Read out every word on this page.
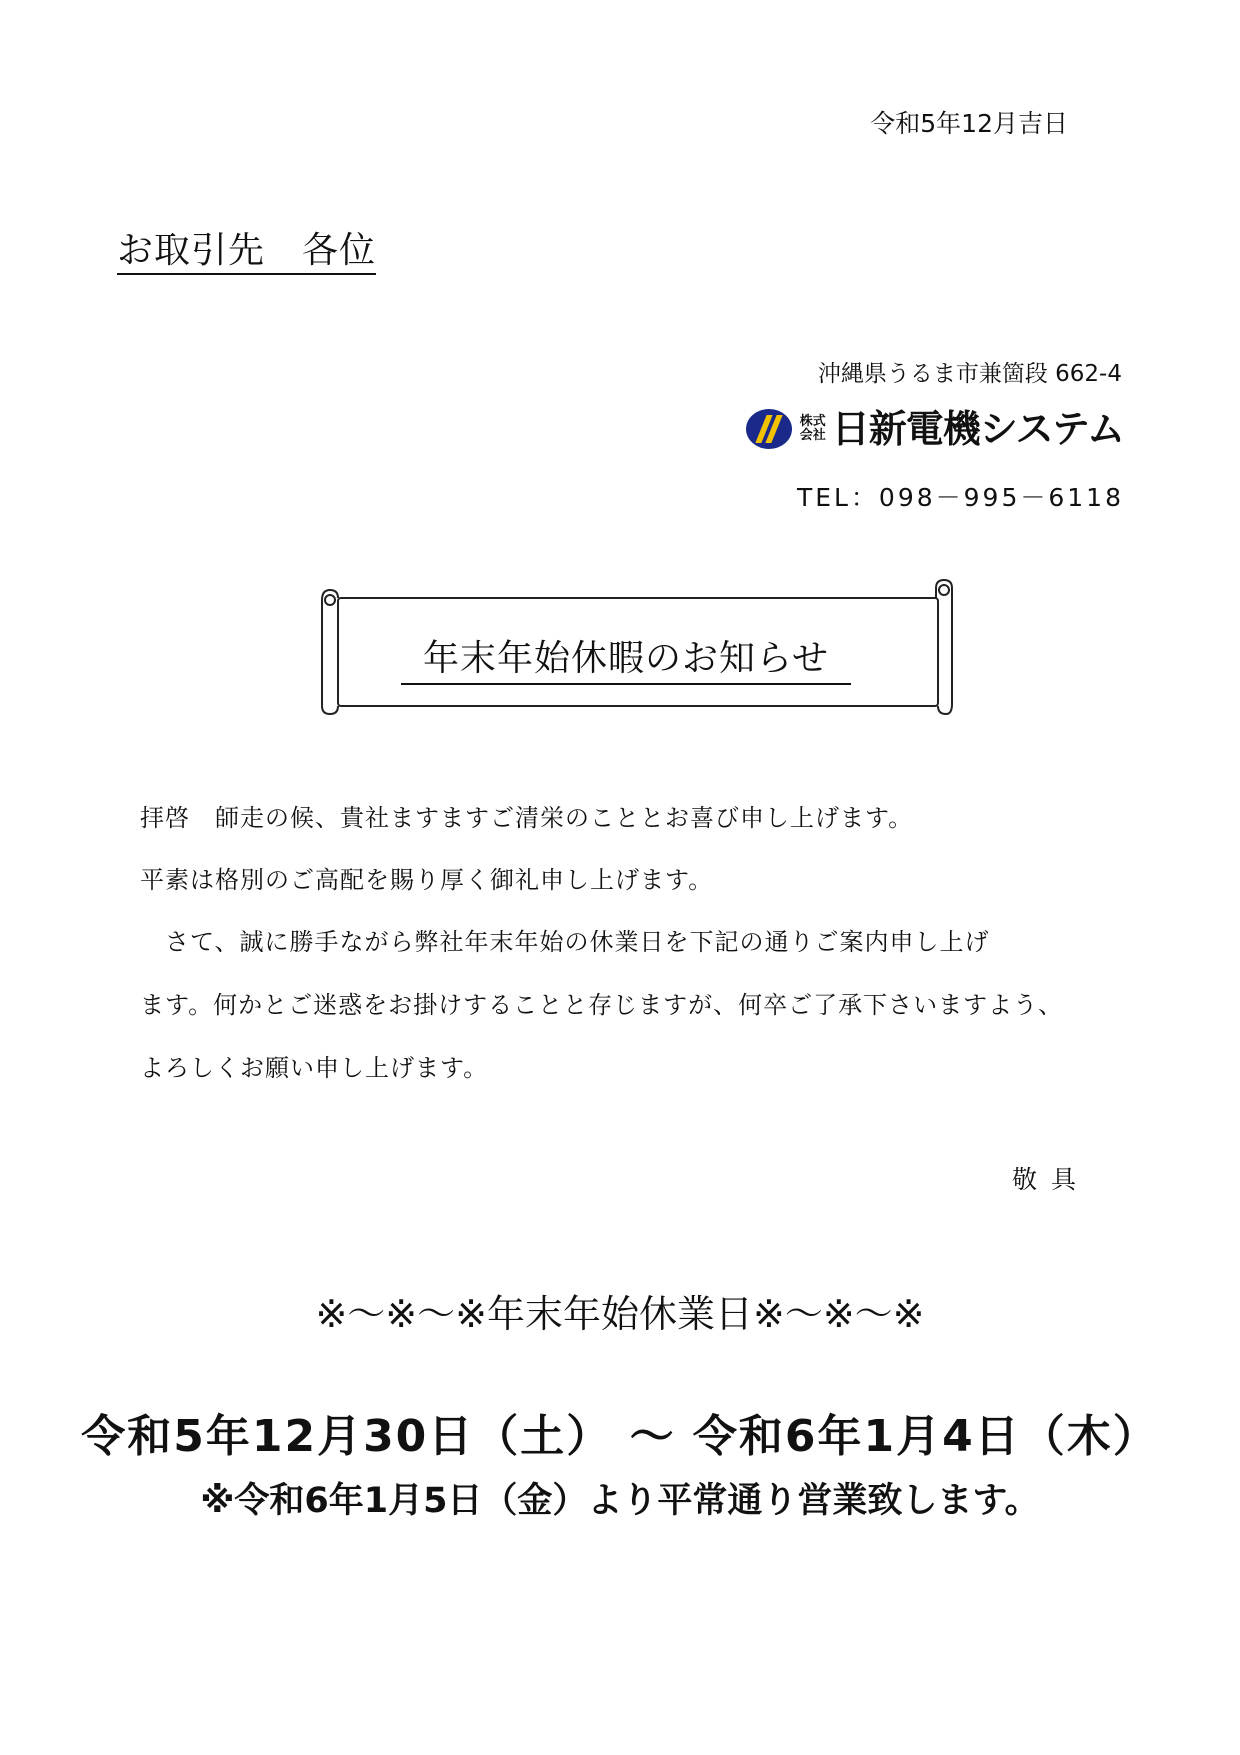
令和5年12月吉日
お取引先　各位
沖縄県うるま市兼箇段 662-4
株式
会社 日新電機システム
TEL：098－995－6118
年末年始休暇のお知らせ
拝啓　師走の候、貴社ますますご清栄のこととお喜び申し上げます。
平素は格別のご高配を賜り厚く御礼申し上げます。
　さて、誠に勝手ながら弊社年末年始の休業日を下記の通りご案内申し上げ
ます。何かとご迷惑をお掛けすることと存じますが、何卒ご了承下さいますよう、
よろしくお願い申し上げます。
敬具
※～※～※年末年始休業日※～※～※
令和5年12月30日（土） ～ 令和6年1月4日（木）
※令和6年1月5日（金）より平常通り営業致します。
